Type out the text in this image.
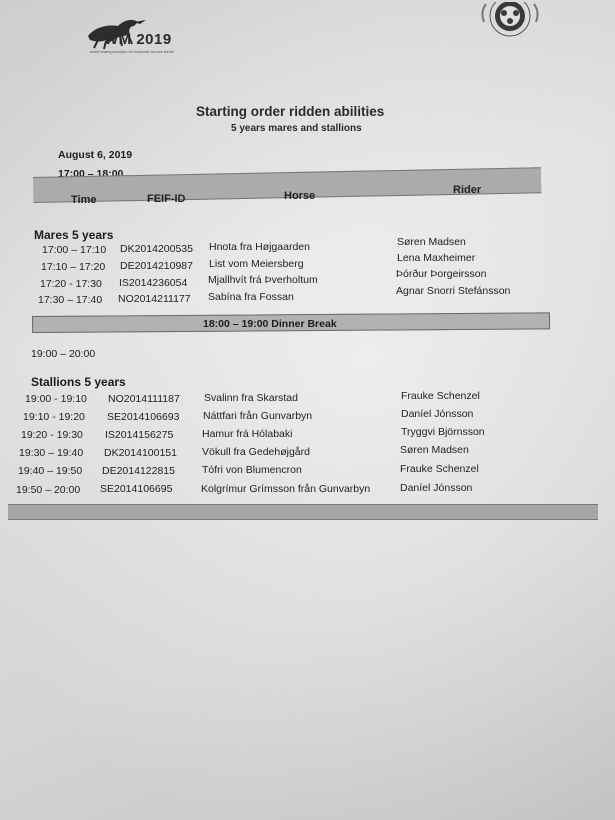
WM 2019
world championships for icelandic horses berlin
Starting order ridden abilities
5 years mares and stallions
August 6, 2019
17:00 – 18:00
Time	FEIF-ID	Horse	Rider
Mares 5 years
17:00 – 17:10 DK2014200535 Hnota fra Højgaarden	Søren Madsen
17:10 – 17:20 DE2014210987 List vom Meiersberg	Lena Maxheimer
17:20 - 17:30 IS2014236054 Mjallhvít frá Þverholtum	Þórður Þorgeirsson
17:30 – 17:40 NO2014211177 Sabína fra Fossan	Agnar Snorri Stefánsson
18:00 – 19:00 Dinner Break
19:00 – 20:00
Stallions 5 years
19:00 - 19:10 NO2014111187 Svalinn fra Skarstad	Frauke Schenzel
19:10 - 19:20 SE2014106693 Náttfari från Gunvarbyn	Daníel Jónsson
19:20 - 19:30 IS2014156275	Hamur frá Hólabaki	Tryggvi Björnsson
19:30 – 19:40 DK2014100151 Vökull fra Gedehøjgård	Søren Madsen
19:40 – 19:50 DE2014122815	Tófri von Blumencron	Frauke Schenzel
19:50 – 20:00 SE2014106695	Kolgrímur Grímsson från Gunvarbyn	Daníel Jónsson
